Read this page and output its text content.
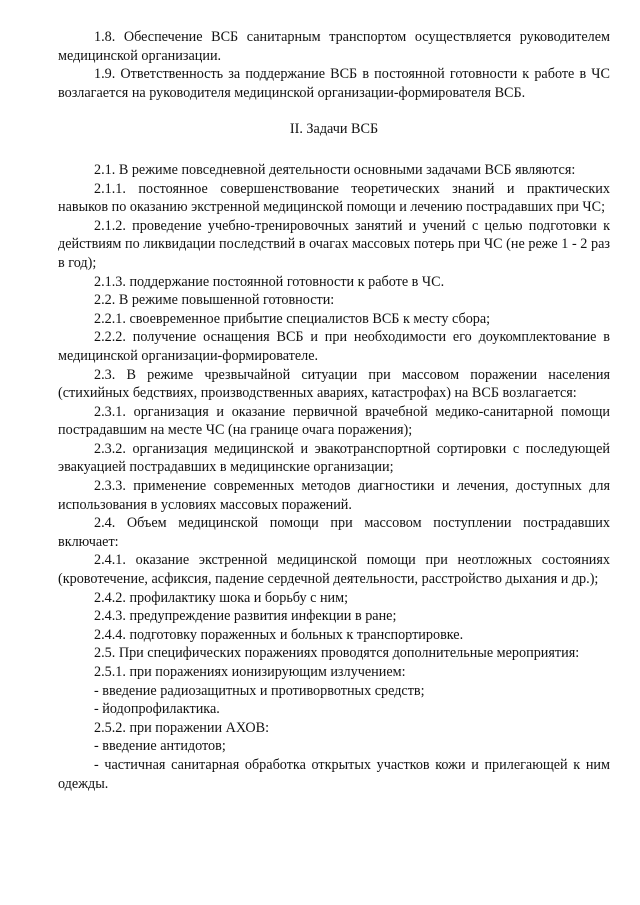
1.8. Обеспечение ВСБ санитарным транспортом осуществляется руководителем медицинской организации.

1.9. Ответственность за поддержание ВСБ в постоянной готовности к работе в ЧС возлагается на руководителя медицинской организации-формирователя ВСБ.

II. Задачи ВСБ

2.1. В режиме повседневной деятельности основными задачами ВСБ являются:

2.1.1. постоянное совершенствование теоретических знаний и практических навыков по оказанию экстренной медицинской помощи и лечению пострадавших при ЧС;

2.1.2. проведение учебно-тренировочных занятий и учений с целью подготовки к действиям по ликвидации последствий в очагах массовых потерь при ЧС (не реже 1 - 2 раз в год);

2.1.3. поддержание постоянной готовности к работе в ЧС.

2.2. В режиме повышенной готовности:

2.2.1. своевременное прибытие специалистов ВСБ к месту сбора;

2.2.2. получение оснащения ВСБ и при необходимости его доукомплектование в медицинской организации-формирователе.

2.3. В режиме чрезвычайной ситуации при массовом поражении населения (стихийных бедствиях, производственных авариях, катастрофах) на ВСБ возлагается:

2.3.1. организация и оказание первичной врачебной медико-санитарной помощи пострадавшим на месте ЧС (на границе очага поражения);

2.3.2. организация медицинской и эвакотранспортной сортировки с последующей эвакуацией пострадавших в медицинские организации;

2.3.3. применение современных методов диагностики и лечения, доступных для использования в условиях массовых поражений.

2.4. Объем медицинской помощи при массовом поступлении пострадавших включает:

2.4.1. оказание экстренной медицинской помощи при неотложных состояниях (кровотечение, асфиксия, падение сердечной деятельности, расстройство дыхания и др.);

2.4.2. профилактику шока и борьбу с ним;

2.4.3. предупреждение развития инфекции в ране;

2.4.4. подготовку пораженных и больных к транспортировке.

2.5. При специфических поражениях проводятся дополнительные мероприятия:

2.5.1. при поражениях ионизирующим излучением:

- введение радиозащитных и противорвотных средств;

- йодопрофилактика.

2.5.2. при поражении АХОВ:

- введение антидотов;

- частичная санитарная обработка открытых участков кожи и прилегающей к ним одежды.
